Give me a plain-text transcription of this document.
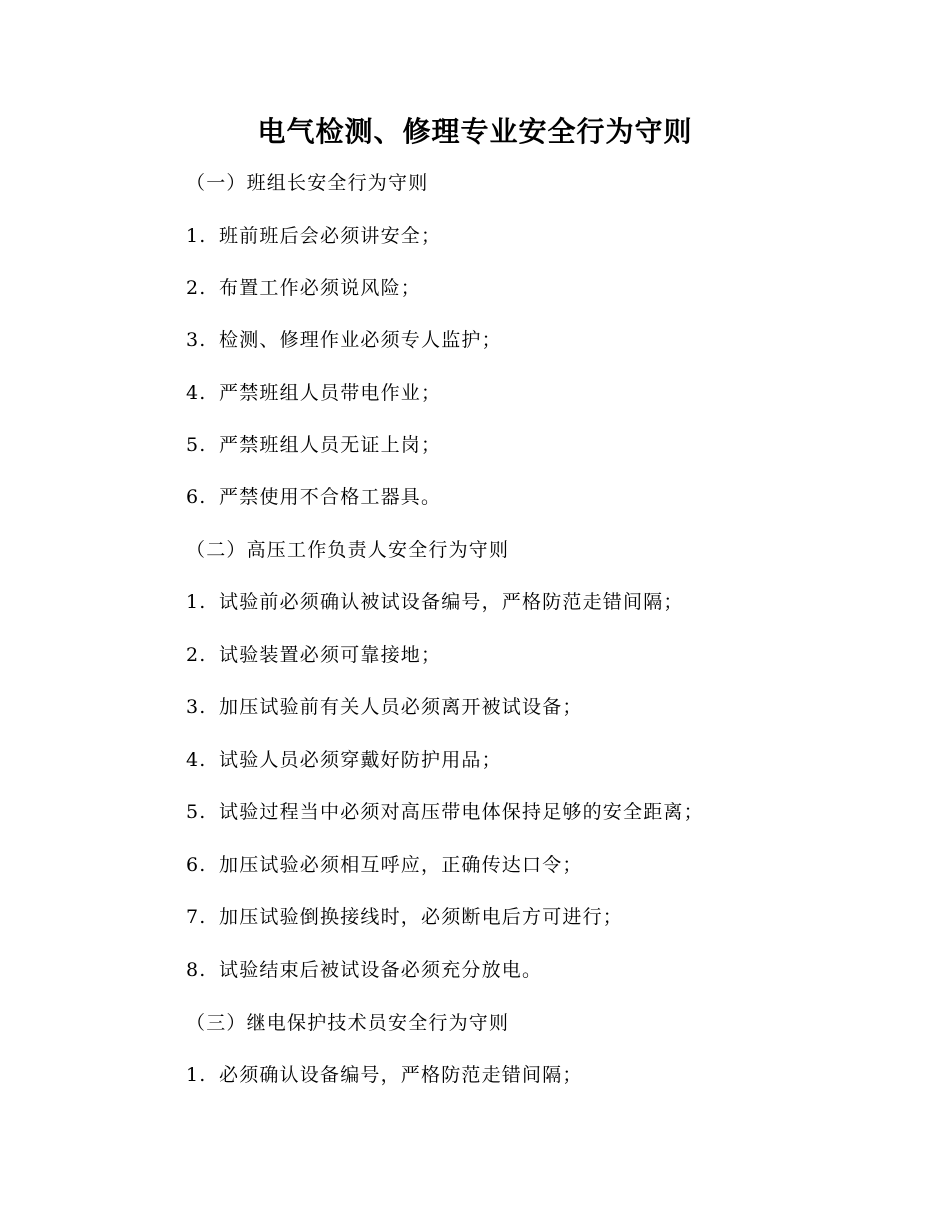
电气检测、修理专业安全行为守则
（一）班组长安全行为守则
1. 班前班后会必须讲安全；
2. 布置工作必须说风险；
3. 检测、修理作业必须专人监护；
4. 严禁班组人员带电作业；
5. 严禁班组人员无证上岗；
6. 严禁使用不合格工器具。
（二）高压工作负责人安全行为守则
1. 试验前必须确认被试设备编号，严格防范走错间隔；
2. 试验装置必须可靠接地；
3. 加压试验前有关人员必须离开被试设备；
4. 试验人员必须穿戴好防护用品；
5. 试验过程当中必须对高压带电体保持足够的安全距离；
6. 加压试验必须相互呼应，正确传达口令；
7. 加压试验倒换接线时，必须断电后方可进行；
8. 试验结束后被试设备必须充分放电。
（三）继电保护技术员安全行为守则
1. 必须确认设备编号，严格防范走错间隔；
